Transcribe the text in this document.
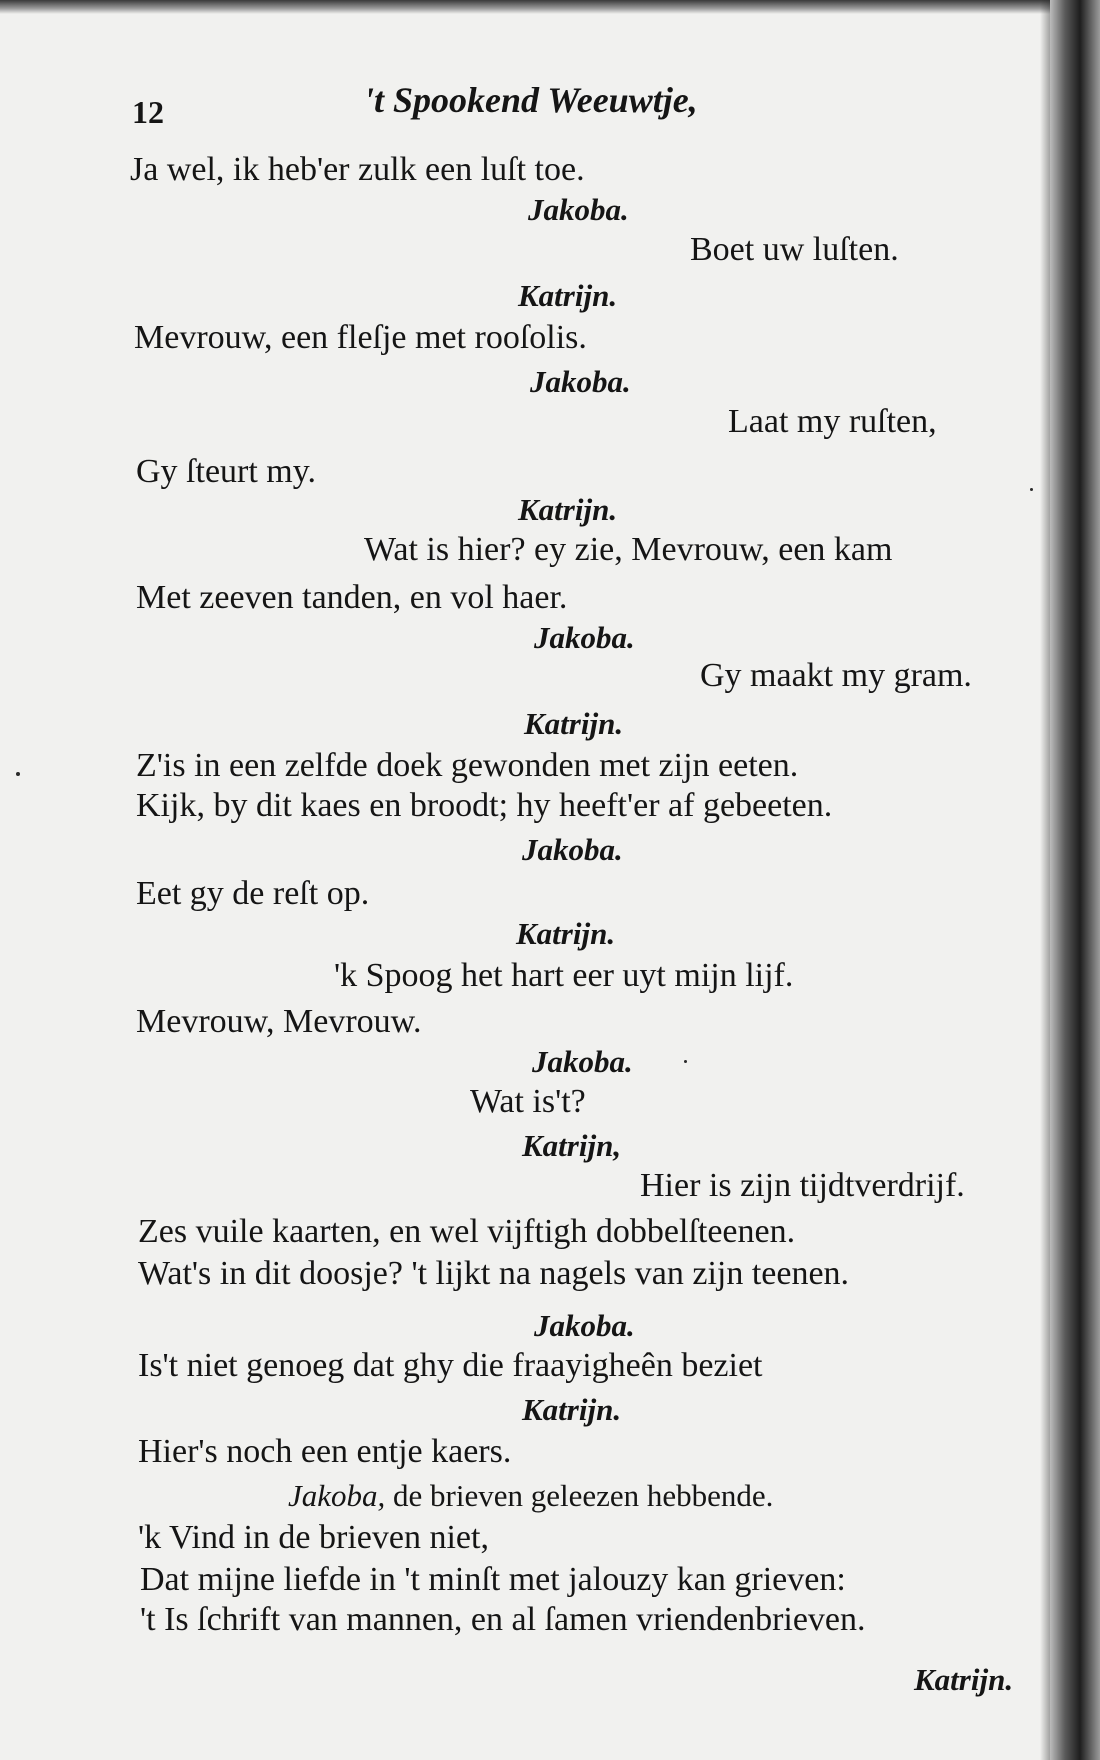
12	't Spookend Weeuwtje,
Ja wel, ik heb'er zulk een luſt toe.
Jakoba.
Boet uw luſten.
Katrijn.
Mevrouw, een fleſje met rooſolis.
Jakoba.
Laat my ruſten,
Gy ſteurt my.
Katrijn.
Wat is hier? ey zie, Mevrouw, een kam
Met zeeven tanden, en vol haer.
Jakoba.
Gy maakt my gram.
Katrijn.
Z'is in een zelfde doek gewonden met zijn eeten.
Kijk, by dit kaes en broodt; hy heeft'er af gebeeten.
Jakoba.
Eet gy de reſt op.
Katrijn.
'k Spoog het hart eer uyt mijn lijf.
Mevrouw, Mevrouw.
Jakoba.
Wat is't?
Katrijn,
Hier is zijn tijdtverdrijf.
Zes vuile kaarten, en wel vijftigh dobbelſteenen.
Wat's in dit doosje? 't lijkt na nagels van zijn teenen.
Jakoba.
Is't niet genoeg dat ghy die fraayigheên beziet
Katrijn.
Hier's noch een entje kaers.
Jakoba, de brieven geleezen hebbende.
'k Vind in de brieven niet,
Dat mijne liefde in 't minſt met jalouzy kan grieven:
't Is ſchrift van mannen, en al ſamen vriendenbrieven.
Katrijn.
